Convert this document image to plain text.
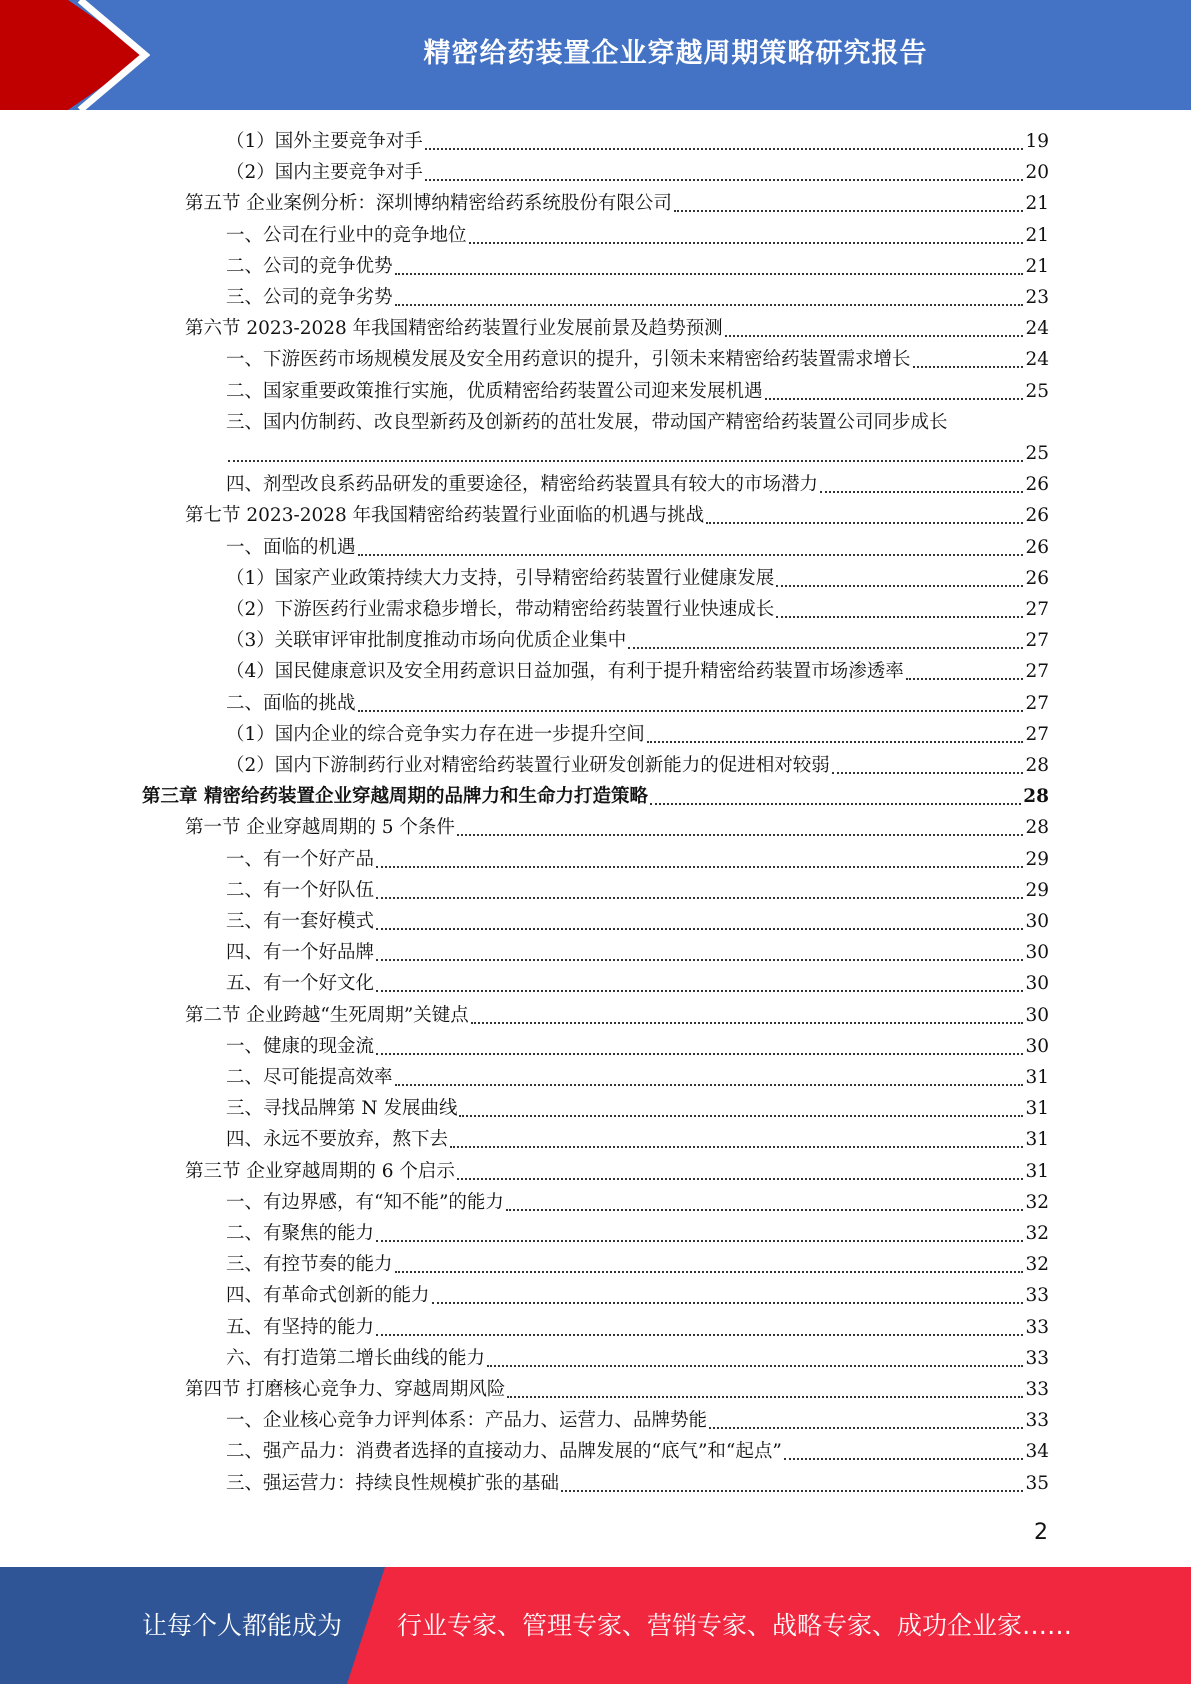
精密给药装置企业穿越周期策略研究报告
（1）国外主要竞争对手	19
（2）国内主要竞争对手	20
第五节 企业案例分析：深圳博纳精密给药系统股份有限公司	21
一、公司在行业中的竞争地位	21
二、公司的竞争优势	21
三、公司的竞争劣势	23
第六节 2023-2028 年我国精密给药装置行业发展前景及趋势预测	24
一、下游医药市场规模发展及安全用药意识的提升，引领未来精密给药装置需求增长	24
二、国家重要政策推行实施，优质精密给药装置公司迎来发展机遇	25
三、国内仿制药、改良型新药及创新药的茁壮发展，带动国产精密给药装置公司同步成长
25
四、剂型改良系药品研发的重要途径，精密给药装置具有较大的市场潜力	26
第七节 2023-2028 年我国精密给药装置行业面临的机遇与挑战	26
一、面临的机遇	26
（1）国家产业政策持续大力支持，引导精密给药装置行业健康发展	26
（2）下游医药行业需求稳步增长，带动精密给药装置行业快速成长	27
（3）关联审评审批制度推动市场向优质企业集中	27
（4）国民健康意识及安全用药意识日益加强，有利于提升精密给药装置市场渗透率	27
二、面临的挑战	27
（1）国内企业的综合竞争实力存在进一步提升空间	27
（2）国内下游制药行业对精密给药装置行业研发创新能力的促进相对较弱	28
第三章 精密给药装置企业穿越周期的品牌力和生命力打造策略	28
第一节 企业穿越周期的 5 个条件	28
一、有一个好产品	29
二、有一个好队伍	29
三、有一套好模式	30
四、有一个好品牌	30
五、有一个好文化	30
第二节 企业跨越“生死周期”关键点	30
一、健康的现金流	30
二、尽可能提高效率	31
三、寻找品牌第 N 发展曲线	31
四、永远不要放弃，熬下去	31
第三节 企业穿越周期的 6 个启示	31
一、有边界感，有“知不能”的能力	32
二、有聚焦的能力	32
三、有控节奏的能力	32
四、有革命式创新的能力	33
五、有坚持的能力	33
六、有打造第二增长曲线的能力	33
第四节 打磨核心竞争力、穿越周期风险	33
一、企业核心竞争力评判体系：产品力、运营力、品牌势能	33
二、强产品力：消费者选择的直接动力、品牌发展的“底气”和“起点”	34
三、强运营力：持续良性规模扩张的基础	35
2
让每个人都能成为 行业专家、管理专家、营销专家、战略专家、成功企业家……
